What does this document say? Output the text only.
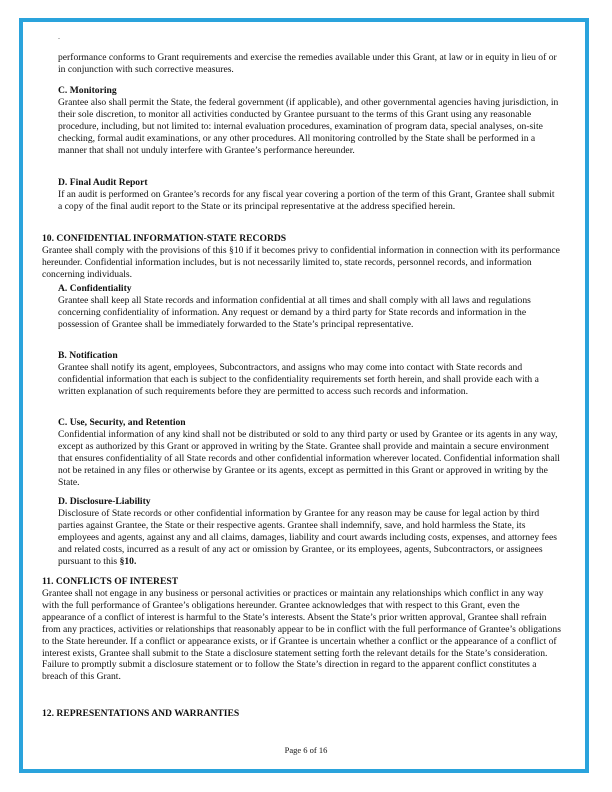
-

performance conforms to Grant requirements and exercise the remedies available under this Grant, at law or in equity in lieu of or in conjunction with such corrective measures.

C. Monitoring

Grantee also shall permit the State, the federal government (if applicable), and other governmental agencies having jurisdiction, in their sole discretion, to monitor all activities conducted by Grantee pursuant to the terms of this Grant using any reasonable procedure, including, but not limited to: internal evaluation procedures, examination of program data, special analyses, on-site checking, formal audit examinations, or any other procedures. All monitoring controlled by the State shall be performed in a manner that shall not unduly interfere with Grantee’s performance hereunder.

D. Final Audit Report

If an audit is performed on Grantee’s records for any fiscal year covering a portion of the term of this Grant, Grantee shall submit a copy of the final audit report to the State or its principal representative at the address specified herein.

10. CONFIDENTIAL INFORMATION-STATE RECORDS

Grantee shall comply with the provisions of this §10 if it becomes privy to confidential information in connection with its performance hereunder. Confidential information includes, but is not necessarily limited to, state records, personnel records, and information concerning individuals.

A. Confidentiality

Grantee shall keep all State records and information confidential at all times and shall comply with all laws and regulations concerning confidentiality of information. Any request or demand by a third party for State records and information in the possession of Grantee shall be immediately forwarded to the State’s principal representative.

B. Notification

Grantee shall notify its agent, employees, Subcontractors, and assigns who may come into contact with State records and confidential information that each is subject to the confidentiality requirements set forth herein, and shall provide each with a written explanation of such requirements before they are permitted to access such records and information.

C. Use, Security, and Retention

Confidential information of any kind shall not be distributed or sold to any third party or used by Grantee or its agents in any way, except as authorized by this Grant or approved in writing by the State. Grantee shall provide and maintain a secure environment that ensures confidentiality of all State records and other confidential information wherever located. Confidential information shall not be retained in any files or otherwise by Grantee or its agents, except as permitted in this Grant or approved in writing by the State.

D. Disclosure-Liability

Disclosure of State records or other confidential information by Grantee for any reason may be cause for legal action by third parties against Grantee, the State or their respective agents. Grantee shall indemnify, save, and hold harmless the State, its employees and agents, against any and all claims, damages, liability and court awards including costs, expenses, and attorney fees and related costs, incurred as a result of any act or omission by Grantee, or its employees, agents, Subcontractors, or assignees pursuant to this §10.

11. CONFLICTS OF INTEREST

Grantee shall not engage in any business or personal activities or practices or maintain any relationships which conflict in any way with the full performance of Grantee’s obligations hereunder. Grantee acknowledges that with respect to this Grant, even the appearance of a conflict of interest is harmful to the State’s interests. Absent the State’s prior written approval, Grantee shall refrain from any practices, activities or relationships that reasonably appear to be in conflict with the full performance of Grantee’s obligations to the State hereunder. If a conflict or appearance exists, or if Grantee is uncertain whether a conflict or the appearance of a conflict of interest exists, Grantee shall submit to the State a disclosure statement setting forth the relevant details for the State’s consideration. Failure to promptly submit a disclosure statement or to follow the State’s direction in regard to the apparent conflict constitutes a breach of this Grant.

12. REPRESENTATIONS AND WARRANTIES

Page 6 of 16
